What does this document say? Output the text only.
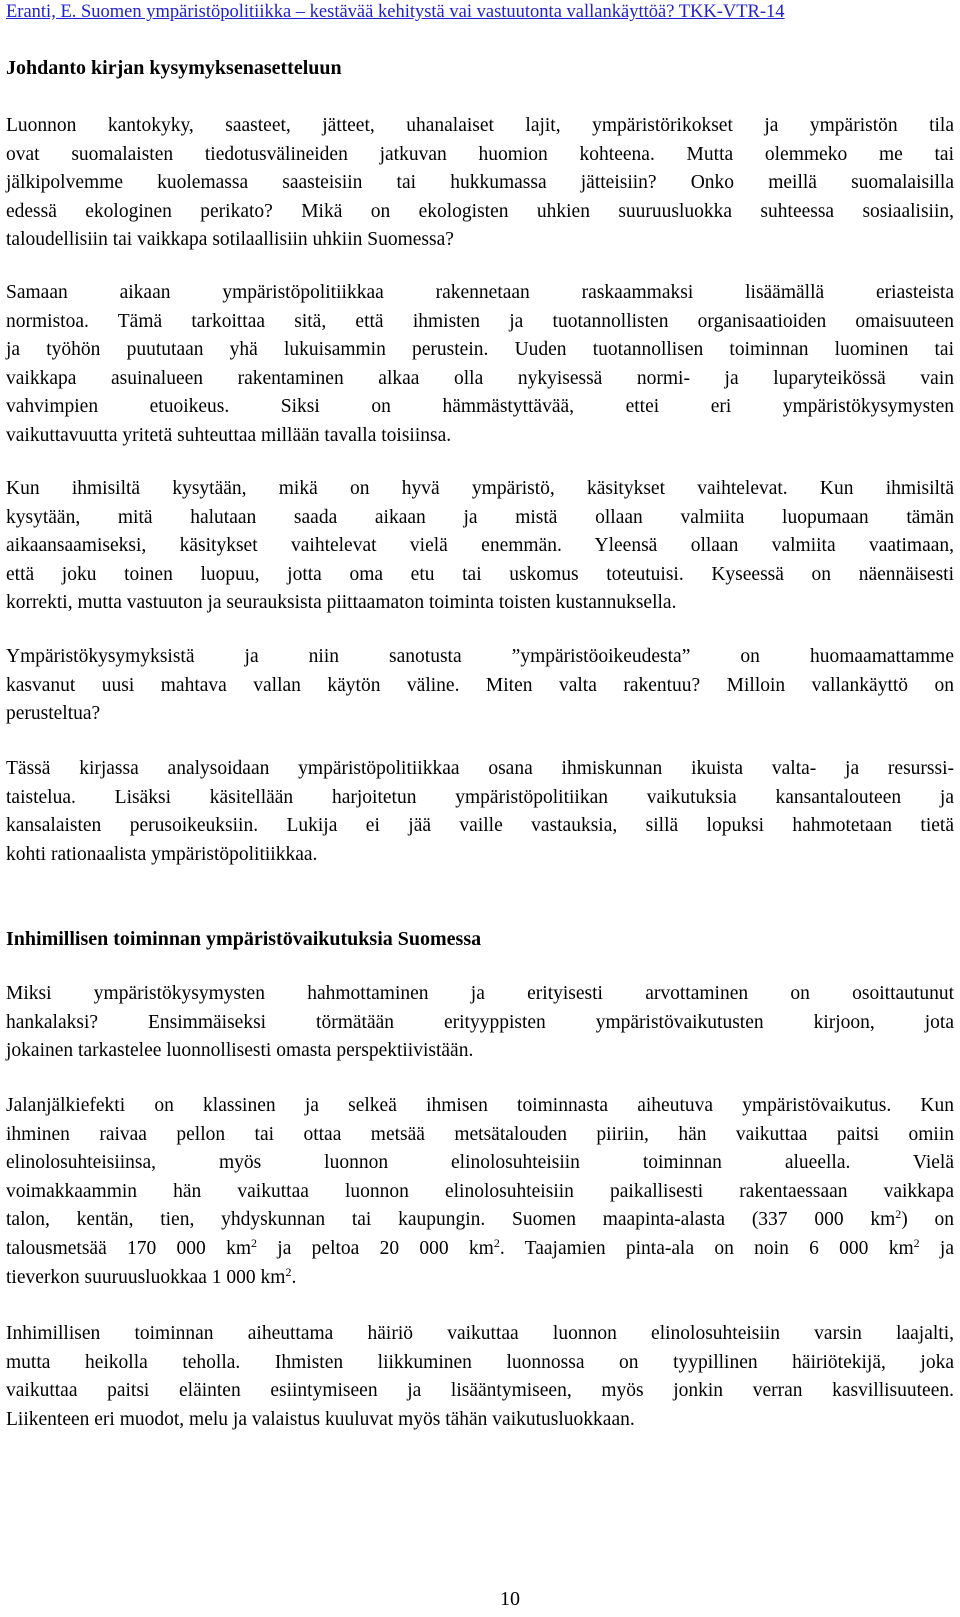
Eranti, E. Suomen ympäristöpolitiikka – kestävää kehitystä vai vastuutonta vallankäyttöä? TKK-VTR-14
Johdanto kirjan kysymyksenasetteluun
Luonnon kantokyky, saasteet, jätteet, uhanalaiset lajit, ympäristörikokset ja ympäristön tila
ovat suomalaisten tiedotusvälineiden jatkuvan huomion kohteena. Mutta olemmeko me tai
jälkipolvemme kuolemassa saasteisiin tai hukkumassa jätteisiin? Onko meillä suomalaisilla
edessä ekologinen perikato? Mikä on ekologisten uhkien suuruusluokka suhteessa sosiaalisiin,
taloudellisiin tai vaikkapa sotilaallisiin uhkiin Suomessa?
Samaan aikaan ympäristöpolitiikkaa rakennetaan raskaammaksi lisäämällä eriasteista
normistoa. Tämä tarkoittaa sitä, että ihmisten ja tuotannollisten organisaatioiden omaisuuteen
ja työhön puututaan yhä lukuisammin perustein. Uuden tuotannollisen toiminnan luominen tai
vaikkapa asuinalueen rakentaminen alkaa olla nykyisessä normi- ja luparyteikössä vain
vahvimpien etuoikeus. Siksi on hämmästyttävää, ettei eri ympäristökysymysten
vaikuttavuutta yritetä suhteuttaa millään tavalla toisiinsa.
Kun ihmisiltä kysytään, mikä on hyvä ympäristö, käsitykset vaihtelevat. Kun ihmisiltä
kysytään, mitä halutaan saada aikaan ja mistä ollaan valmiita luopumaan tämän
aikaansaamiseksi, käsitykset vaihtelevat vielä enemmän. Yleensä ollaan valmiita vaatimaan,
että joku toinen luopuu, jotta oma etu tai uskomus toteutuisi. Kyseessä on näennäisesti
korrekti, mutta vastuuton ja seurauksista piittaamaton toiminta toisten kustannuksella.
Ympäristökysymyksistä ja niin sanotusta ”ympäristöoikeudesta” on huomaamattamme
kasvanut uusi mahtava vallan käytön väline. Miten valta rakentuu? Milloin vallankäyttö on
perusteltua?
Tässä kirjassa analysoidaan ympäristöpolitiikkaa osana ihmiskunnan ikuista valta- ja resurssi-
taistelua. Lisäksi käsitellään harjoitetun ympäristöpolitiikan vaikutuksia kansantalouteen ja
kansalaisten perusoikeuksiin. Lukija ei jää vaille vastauksia, sillä lopuksi hahmotetaan tietä
kohti rationaalista ympäristöpolitiikkaa.
Inhimillisen toiminnan ympäristövaikutuksia Suomessa
Miksi ympäristökysymysten hahmottaminen ja erityisesti arvottaminen on osoittautunut
hankalaksi? Ensimmäiseksi törmätään erityyppisten ympäristövaikutusten kirjoon, jota
jokainen tarkastelee luonnollisesti omasta perspektiivistään.
Jalanjälkiefekti on klassinen ja selkeä ihmisen toiminnasta aiheutuva ympäristövaikutus. Kun
ihminen raivaa pellon tai ottaa metsää metsätalouden piiriin, hän vaikuttaa paitsi omiin
elinolosuhteisiinsa, myös luonnon elinolosuhteisiin toiminnan alueella. Vielä
voimakkaammin hän vaikuttaa luonnon elinolosuhteisiin paikallisesti rakentaessaan vaikkapa
talon, kentän, tien, yhdyskunnan tai kaupungin. Suomen maapinta-alasta (337 000 $km^2$) on
talousmetsää 170 000 $km^2$ ja peltoa 20 000 $km^2$. Taajamien pinta-ala on noin 6 000 $km^2$ ja
tieverkon suuruusluokkaa 1 000 $km^2$.
Inhimillisen toiminnan aiheuttama häiriö vaikuttaa luonnon elinolosuhteisiin varsin laajalti,
mutta heikolla teholla. Ihmisten liikkuminen luonnossa on tyypillinen häiriötekijä, joka
vaikuttaa paitsi eläinten esiintymiseen ja lisääntymiseen, myös jonkin verran kasvillisuuteen.
Liikenteen eri muodot, melu ja valaistus kuuluvat myös tähän vaikutusluokkaan.
10
